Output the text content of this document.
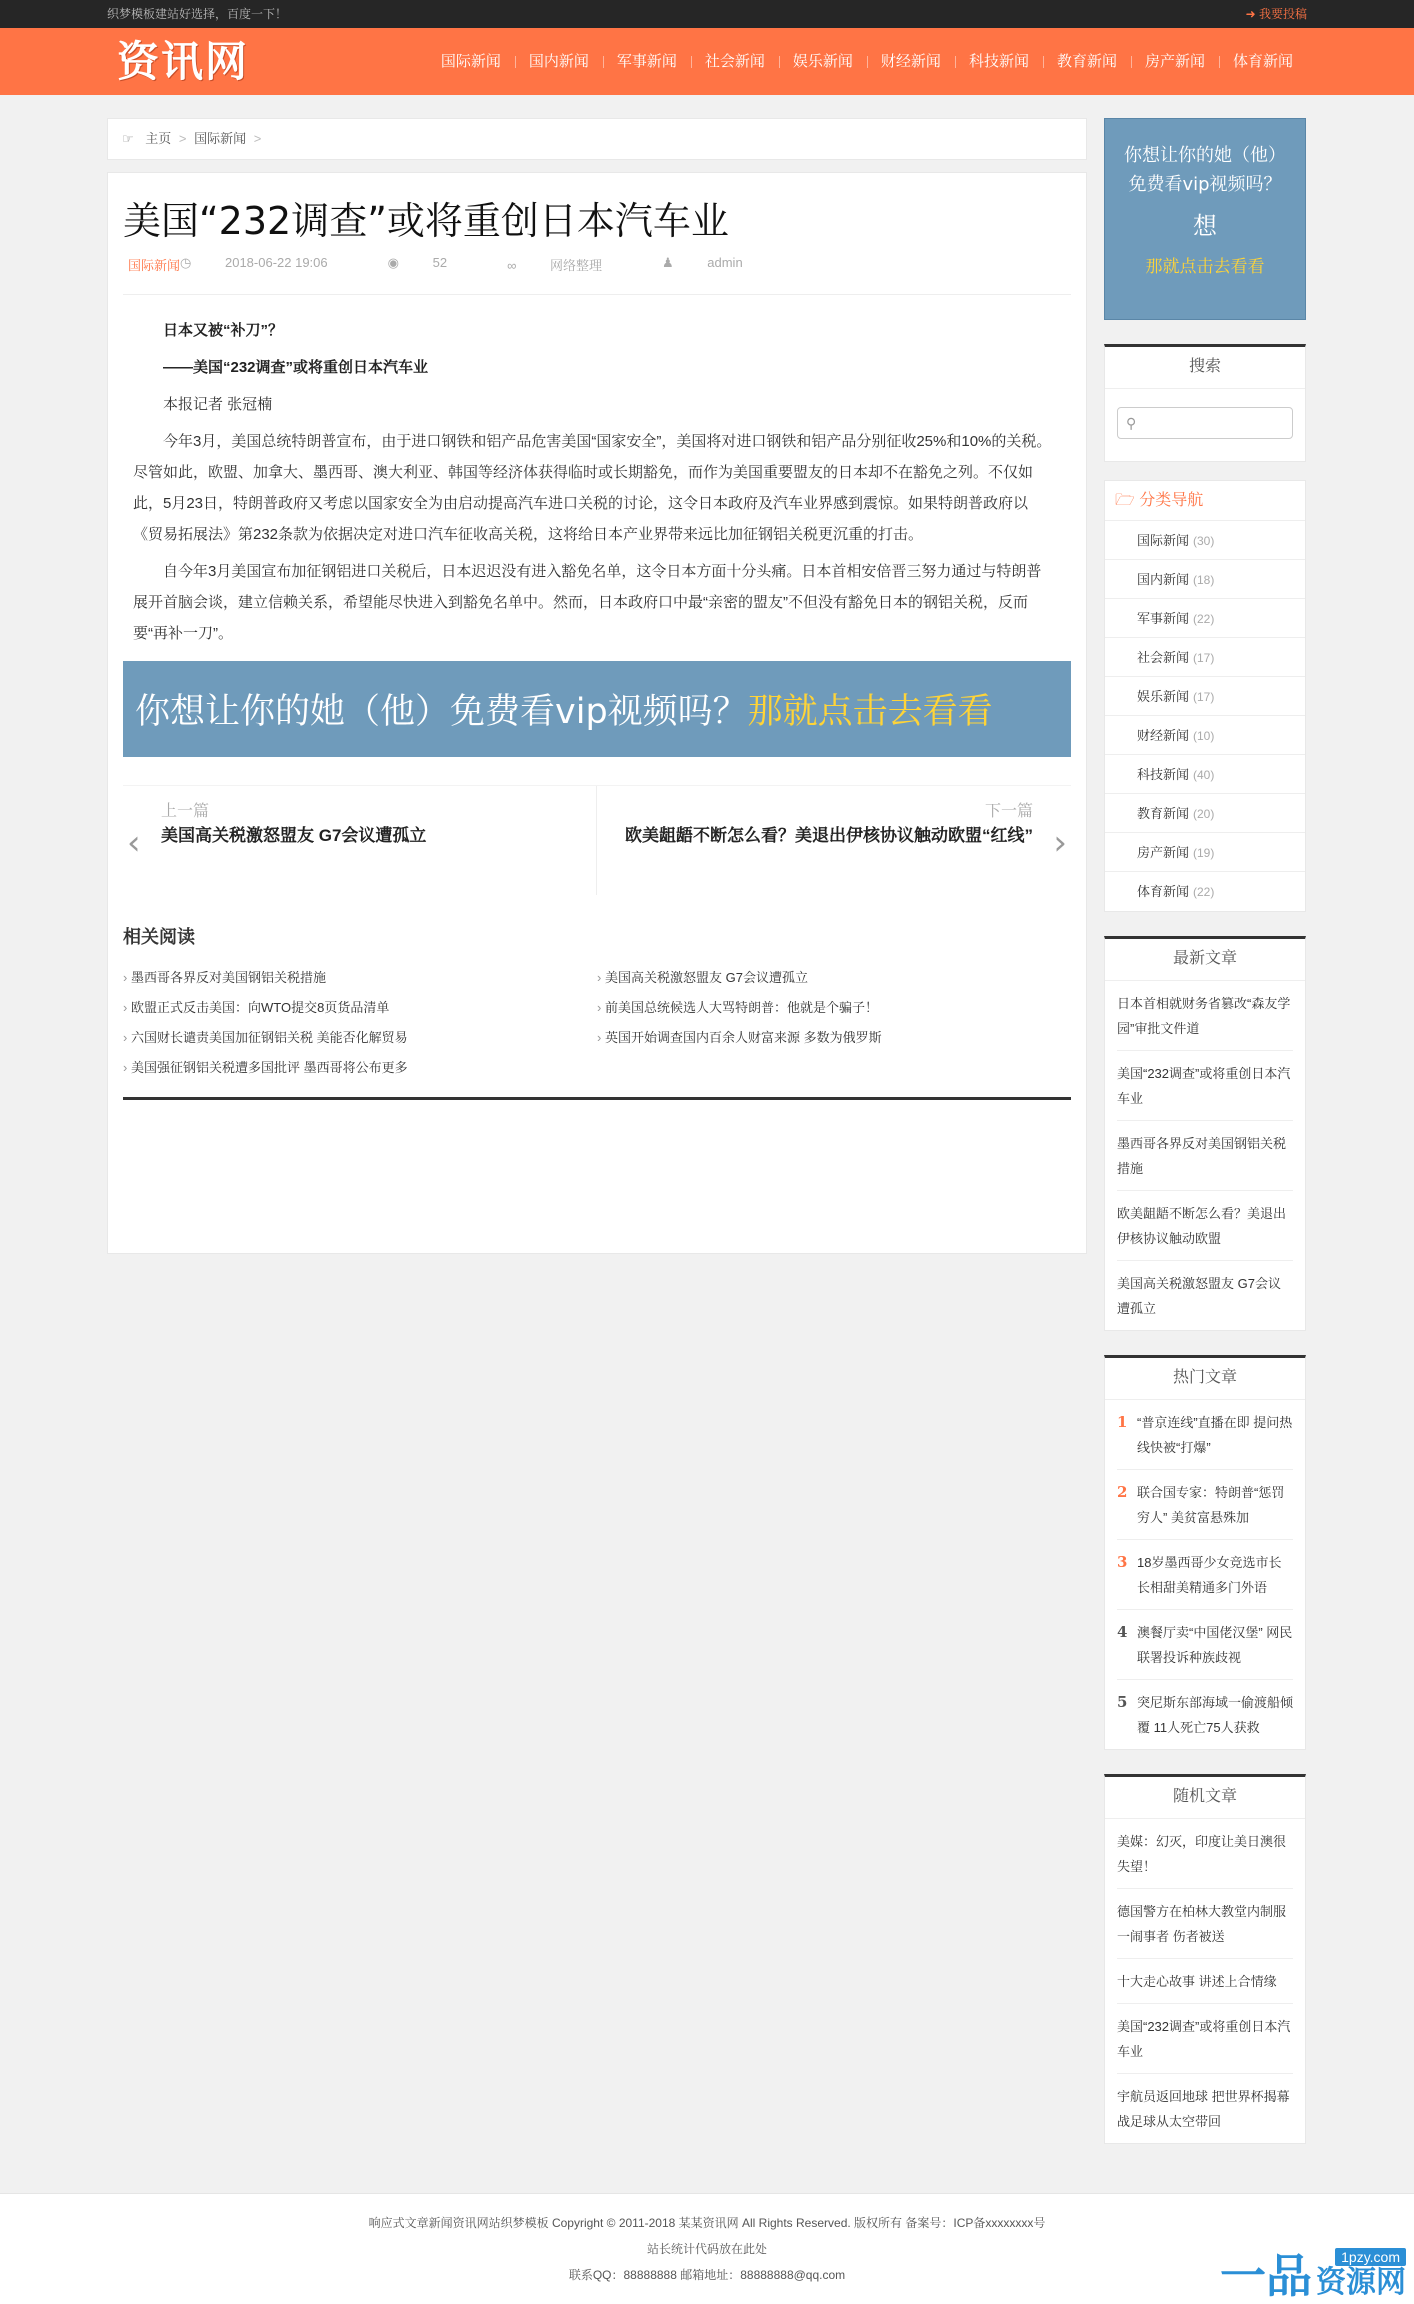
织梦模板建站好选择，百度一下！	➜ 我要投稿
资讯网	国际新闻	国内新闻	军事新闻	社会新闻	娱乐新闻	财经新闻	科技新闻	教育新闻	房产新闻	体育新闻
☞ 主页 > 国际新闻 >
美国“232调查”或将重创日本汽车业
国际新闻 ◷ 2018-06-22 19:06	◉ 52	∞ 网络整理	♟ admin

日本又被“补刀”？

——美国“232调查”或将重创日本汽车业

本报记者 张冠楠

今年3月，美国总统特朗普宣布，由于进口钢铁和铝产品危害美国“国家安全”，美国将对进口钢铁和铝产品分别征收25%和10%的关税。尽管如此，欧盟、加拿大、墨西哥、澳大利亚、韩国等经济体获得临时或长期豁免，而作为美国重要盟友的日本却不在豁免之列。不仅如此，5月23日，特朗普政府又考虑以国家安全为由启动提高汽车进口关税的讨论，这令日本政府及汽车业界感到震惊。如果特朗普政府以《贸易拓展法》第232条款为依据决定对进口汽车征收高关税，这将给日本产业界带来远比加征钢铝关税更沉重的打击。

自今年3月美国宣布加征钢铝进口关税后，日本迟迟没有进入豁免名单，这令日本方面十分头痛。日本首相安倍晋三努力通过与特朗普展开首脑会谈，建立信赖关系，希望能尽快进入到豁免名单中。然而，日本政府口中最“亲密的盟友”不但没有豁免日本的钢铝关税，反而要“再补一刀”。

你想让你的她（他）免费看vip视频吗？ 那就点击去看看
‹
上一篇
美国高关税激怒盟友 G7会议遭孤立	›
下一篇
欧美龃龉不断怎么看？美退出伊核协议触动欧盟“红线”
相关阅读
› 墨西哥各界反对美国钢铝关税措施	› 美国高关税激怒盟友 G7会议遭孤立
› 欧盟正式反击美国：向WTO提交8页货品清单	› 前美国总统候选人大骂特朗普：他就是个骗子！
› 六国财长谴责美国加征钢铝关税 美能否化解贸易	› 英国开始调查国内百余人财富来源 多数为俄罗斯
› 美国强征钢铝关税遭多国批评 墨西哥将公布更多
你想让你的她（他）
免费看vip视频吗？
想
那就点击去看看
搜索
⚲
🗁 分类导航
国际新闻 (30)
国内新闻 (18)
军事新闻 (22)
社会新闻 (17)
娱乐新闻 (17)
财经新闻 (10)
科技新闻 (40)
教育新闻 (20)
房产新闻 (19)
体育新闻 (22)
最新文章
日本首相就财务省篡改“森友学园”审批文件道
美国“232调查”或将重创日本汽车业
墨西哥各界反对美国钢铝关税措施
欧美龃龉不断怎么看？美退出伊核协议触动欧盟
美国高关税激怒盟友 G7会议遭孤立
热门文章
1 “普京连线”直播在即 提问热线快被“打爆”
2 联合国专家：特朗普“惩罚穷人” 美贫富悬殊加
3 18岁墨西哥少女竞选市长 长相甜美精通多门外语
4 澳餐厅卖“中国佬汉堡” 网民联署投诉种族歧视
5 突尼斯东部海域一偷渡船倾覆 11人死亡75人获救
随机文章
美媒：幻灭，印度让美日澳很失望！
德国警方在柏林大教堂内制服一闹事者 伤者被送
十大走心故事 讲述上合情缘
美国“232调查”或将重创日本汽车业
宇航员返回地球 把世界杯揭幕战足球从太空带回
响应式文章新闻资讯网站织梦模板 Copyright © 2011-2018 某某资讯网 All Rights Reserved. 版权所有 备案号：ICP备xxxxxxxx号
站长统计代码放在此处
联系QQ：88888888 邮箱地址：88888888@qq.com	一品	1pzy.com
资源网
